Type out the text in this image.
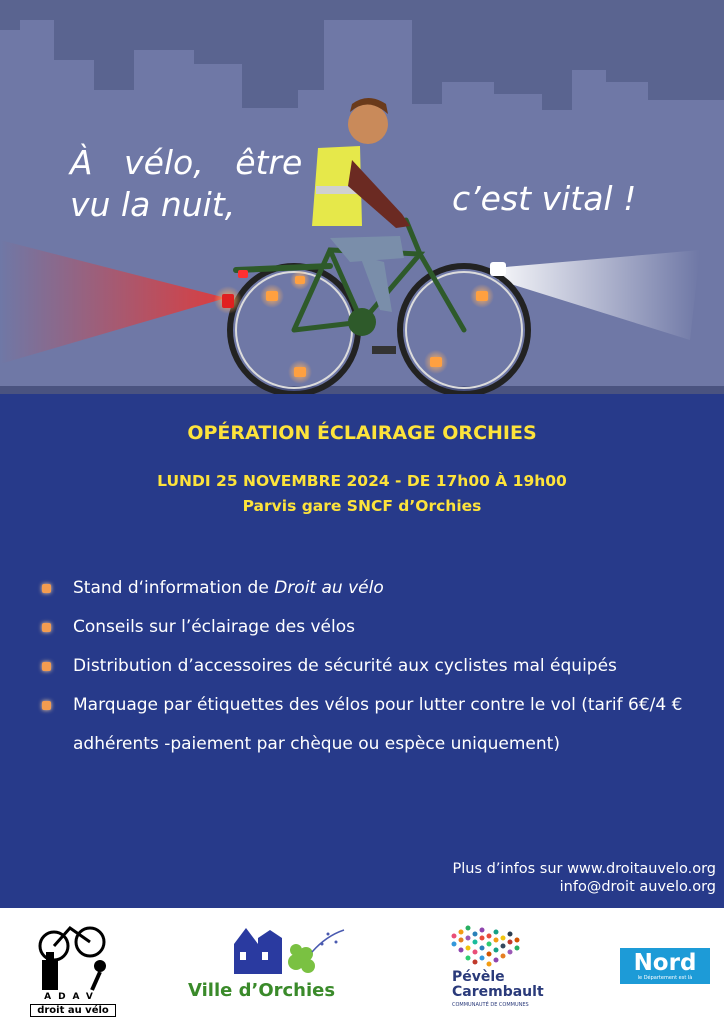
À   vélo,   être
vu la nuit,	c’est vital !
OPÉRATION ÉCLAIRAGE ORCHIES
LUNDI 25 NOVEMBRE 2024 - DE 17h00 À 19h00
Parvis gare SNCF d’Orchies
Stand d‘information de Droit au vélo
Conseils sur l’éclairage des vélos
Distribution d’accessoires de sécurité aux cyclistes mal équipés
Marquage par étiquettes des vélos pour lutter contre le vol (tarif 6€/4 € adhérents -paiement par chèque ou espèce uniquement)
Plus d’infos sur www.droitauvelo.org
info@droit auvelo.org
ADAV
droit au vélo
Ville d’Orchies
Pévèle
Carembault
COMMUNAUTÉ DE COMMUNES
Nord
le Département est là
